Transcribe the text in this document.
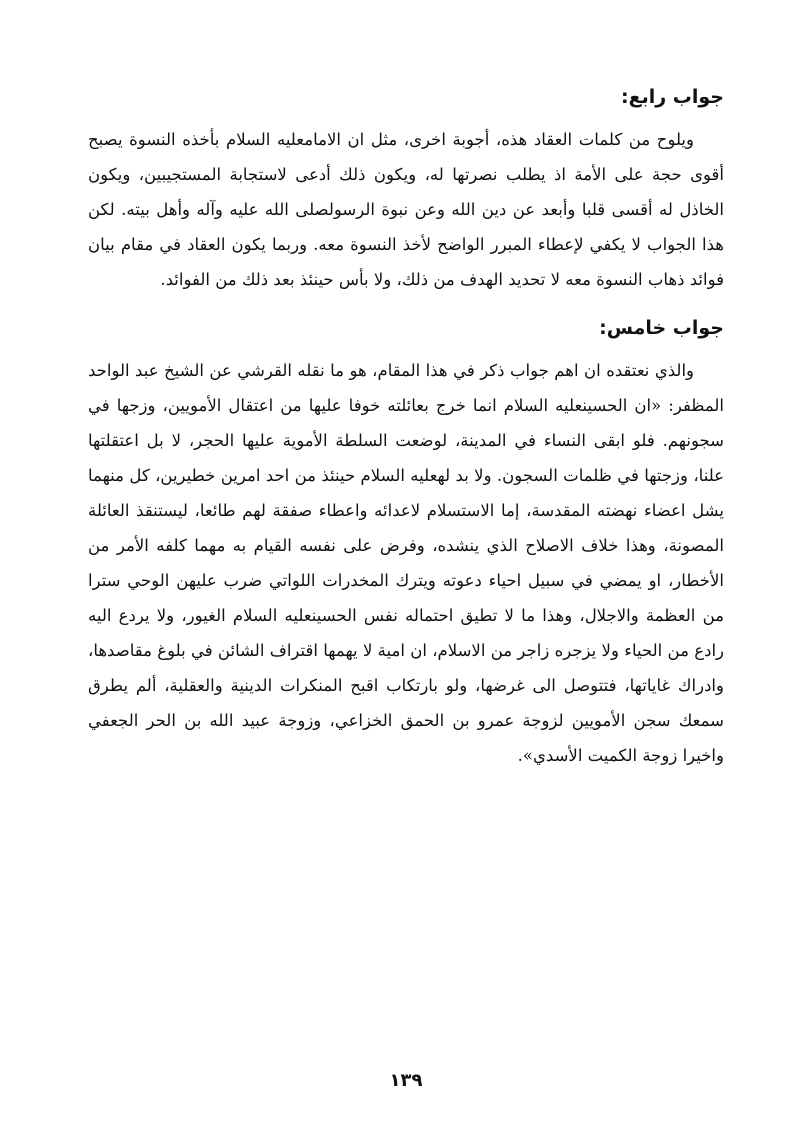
جواب رابع:

ويلوح من كلمات العقاد هذه، أجوبة اخرى، مثل ان الامامعليه السلام بأخذه النسوة يصبح أقوى حجة على الأمة اذ يطلب نصرتها له، ويكون ذلك أدعى لاستجابة المستجيبين، ويكون الخاذل له أقسى قلبا وأبعد عن دين الله وعن نبوة الرسولصلى الله عليه وآله وأهل بيته. لكن هذا الجواب لا يكفي لإعطاء المبرر الواضح لأخذ النسوة معه. وربما يكون العقاد في مقام بيان فوائد ذهاب النسوة معه لا تحديد الهدف من ذلك، ولا بأس حينئذ بعد ذلك من الفوائد.

جواب خامس:

والذي نعتقده ان اهم جواب ذكر في هذا المقام، هو ما نقله القرشي عن الشيخ عبد الواحد المظفر: «ان الحسينعليه السلام انما خرج بعائلته خوفا عليها من اعتقال الأمويين، وزجها في سجونهم. فلو ابقى النساء في المدينة، لوضعت السلطة الأموية عليها الحجر، لا بل اعتقلتها علنا، وزجتها في ظلمات السجون. ولا بد لهعليه السلام حينئذ من احد امرين خطيرين، كل منهما يشل اعضاء نهضته المقدسة، إما الاستسلام لاعدائه واعطاء صفقة لهم طائعا، ليستنقذ العائلة المصونة، وهذا خلاف الاصلاح الذي ينشده، وفرض على نفسه القيام به مهما كلفه الأمر من الأخطار، او يمضي في سبيل احياء دعوته ويترك المخدرات اللواتي ضرب عليهن الوحي سترا من العظمة والاجلال، وهذا ما لا تطيق احتماله نفس الحسينعليه السلام الغيور، ولا يردع اليه رادع من الحياء ولا يزجره زاجر من الاسلام، ان امية لا يهمها اقتراف الشائن في بلوغ مقاصدها، وادراك غاياتها، فتتوصل الى غرضها، ولو بارتكاب اقبح المنكرات الدينية والعقلية، ألم يطرق سمعك سجن الأمويين لزوجة عمرو بن الحمق الخزاعي، وزوجة عبيد الله بن الحر الجعفي واخيرا زوجة الكميت الأسدي».

١٣٩
